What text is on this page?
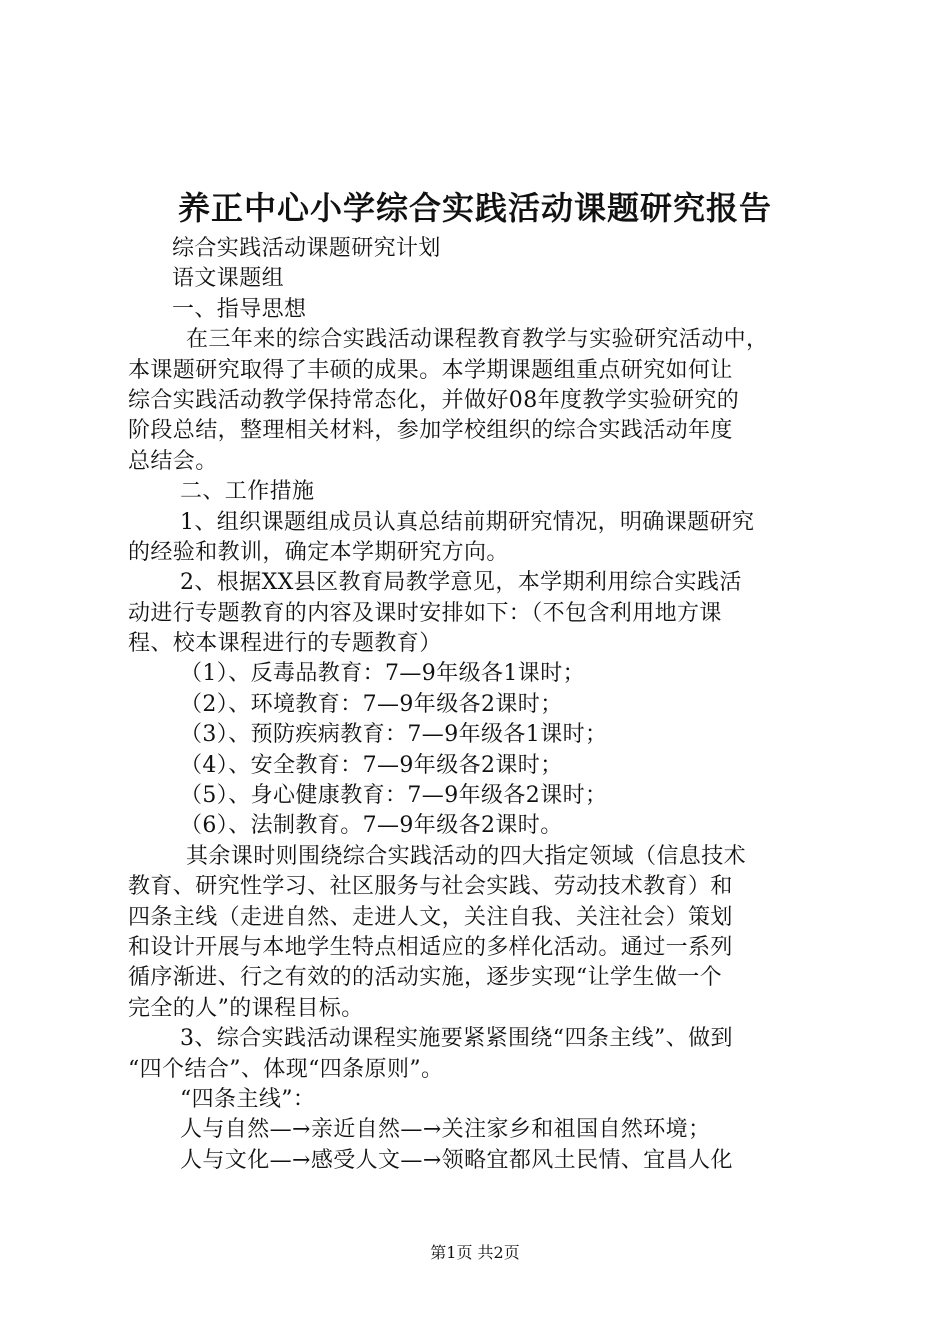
养正中心小学综合实践活动课题研究报告
综合实践活动课题研究计划
语文课题组
一、指导思想
在三年来的综合实践活动课程教育教学与实验研究活动中，
本课题研究取得了丰硕的成果。本学期课题组重点研究如何让
综合实践活动教学保持常态化，并做好08年度教学实验研究的
阶段总结，整理相关材料，参加学校组织的综合实践活动年度
总结会。
二、工作措施
1、组织课题组成员认真总结前期研究情况，明确课题研究
的经验和教训，确定本学期研究方向。
2、根据XX县区教育局教学意见，本学期利用综合实践活
动进行专题教育的内容及课时安排如下：（不包含利用地方课
程、校本课程进行的专题教育）
（1）、反毒品教育：7—9年级各1课时；
（2）、环境教育：7—9年级各2课时；
（3）、预防疾病教育：7—9年级各1课时；
（4）、安全教育：7—9年级各2课时；
（5）、身心健康教育：7—9年级各2课时；
（6）、法制教育。7—9年级各2课时。
其余课时则围绕综合实践活动的四大指定领域（信息技术
教育、研究性学习、社区服务与社会实践、劳动技术教育）和
四条主线（走进自然、走进人文，关注自我、关注社会）策划
和设计开展与本地学生特点相适应的多样化活动。通过一系列
循序渐进、行之有效的的活动实施，逐步实现“让学生做一个
完全的人”的课程目标。
3、综合实践活动课程实施要紧紧围绕“四条主线”、做到
“四个结合”、体现“四条原则”。
“四条主线”：
人与自然—→亲近自然—→关注家乡和祖国自然环境；
人与文化—→感受人文—→领略宜都风土民情、宜昌人化
第1页 共2页
